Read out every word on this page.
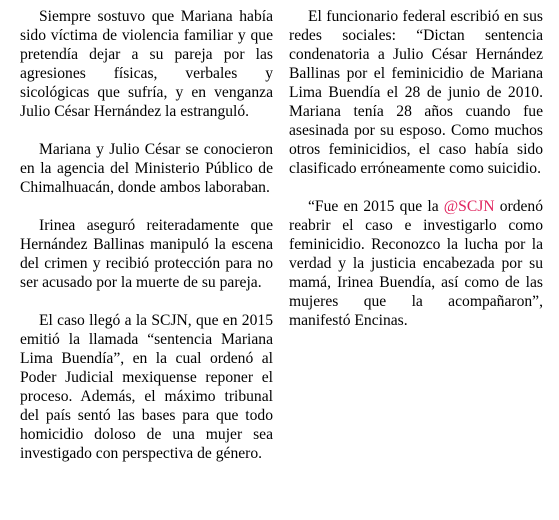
Siempre sostuvo que Mariana había sido víctima de violencia familiar y que pretendía dejar a su pareja por las agresiones físicas, verbales y sicológicas que sufría, y en venganza Julio César Hernández la estranguló.

Mariana y Julio César se conocieron en la agencia del Ministerio Público de Chimalhuacán, donde ambos laboraban.

Irinea aseguró reiteradamente que Hernández Ballinas manipuló la escena del crimen y recibió protección para no ser acusado por la muerte de su pareja.

El caso llegó a la SCJN, que en 2015 emitió la llamada “sentencia Mariana Lima Buendía”, en la cual ordenó al Poder Judicial mexiquense reponer el proceso. Además, el máximo tribunal del país sentó las bases para que todo homicidio doloso de una mujer sea investigado con perspectiva de género.

El funcionario federal escribió en sus redes sociales: “Dictan sentencia condenatoria a Julio César Hernández Ballinas por el feminicidio de Mariana Lima Buendía el 28 de junio de 2010. Mariana tenía 28 años cuando fue asesinada por su esposo. Como muchos otros feminicidios, el caso había sido clasificado erróneamente como suicidio.

“Fue en 2015 que la @SCJN ordenó reabrir el caso e investigarlo como feminicidio. Reconozco la lucha por la verdad y la justicia encabezada por su mamá, Irinea Buendía, así como de las mujeres que la acompañaron”, manifestó Encinas.
